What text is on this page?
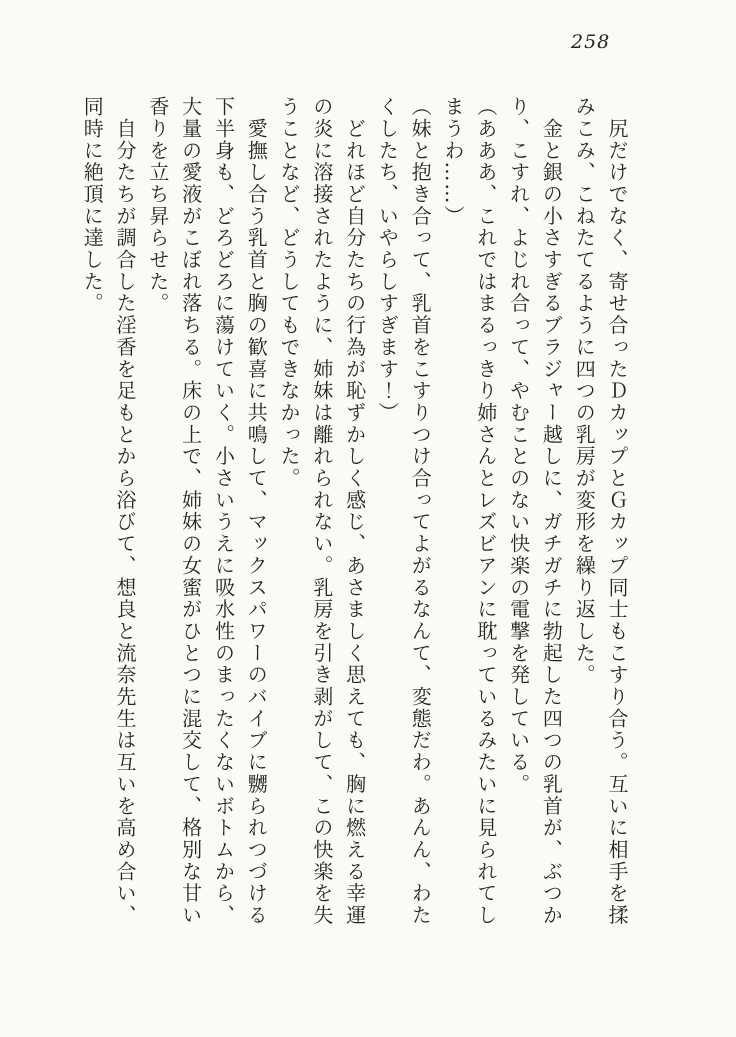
258
　尻だけでなく、寄せ合ったＤカップとＧカップ同士もこすり合う。互いに相手を揉
みこみ、こねたてるように四つの乳房が変形を繰り返した。
　金と銀の小さすぎるブラジャー越しに、ガチガチに勃起した四つの乳首が、ぶつか
り、こすれ、よじれ合って、やむことのない快楽の電撃を発している。
（あああ、これではまるっきり姉さんとレズビアンに耽っているみたいに見られてし
まうわ……）
（妹と抱き合って、乳首をこすりつけ合ってよがるなんて、変態だわ。あんん、わた
くしたち、いやらしすぎます！）
　どれほど自分たちの行為が恥ずかしく感じ、あさましく思えても、胸に燃える幸運
の炎に溶接されたように、姉妹は離れられない。乳房を引き剥がして、この快楽を失
うことなど、どうしてもできなかった。
　愛撫し合う乳首と胸の歓喜に共鳴して、マックスパワーのバイブに嬲られつづける
下半身も、どろどろに蕩けていく。小さいうえに吸水性のまったくないボトムから、
大量の愛液がこぼれ落ちる。床の上で、姉妹の女蜜がひとつに混交して、格別な甘い
香りを立ち昇らせた。
　自分たちが調合した淫香を足もとから浴びて、想良と流奈先生は互いを高め合い、
同時に絶頂に達した。
